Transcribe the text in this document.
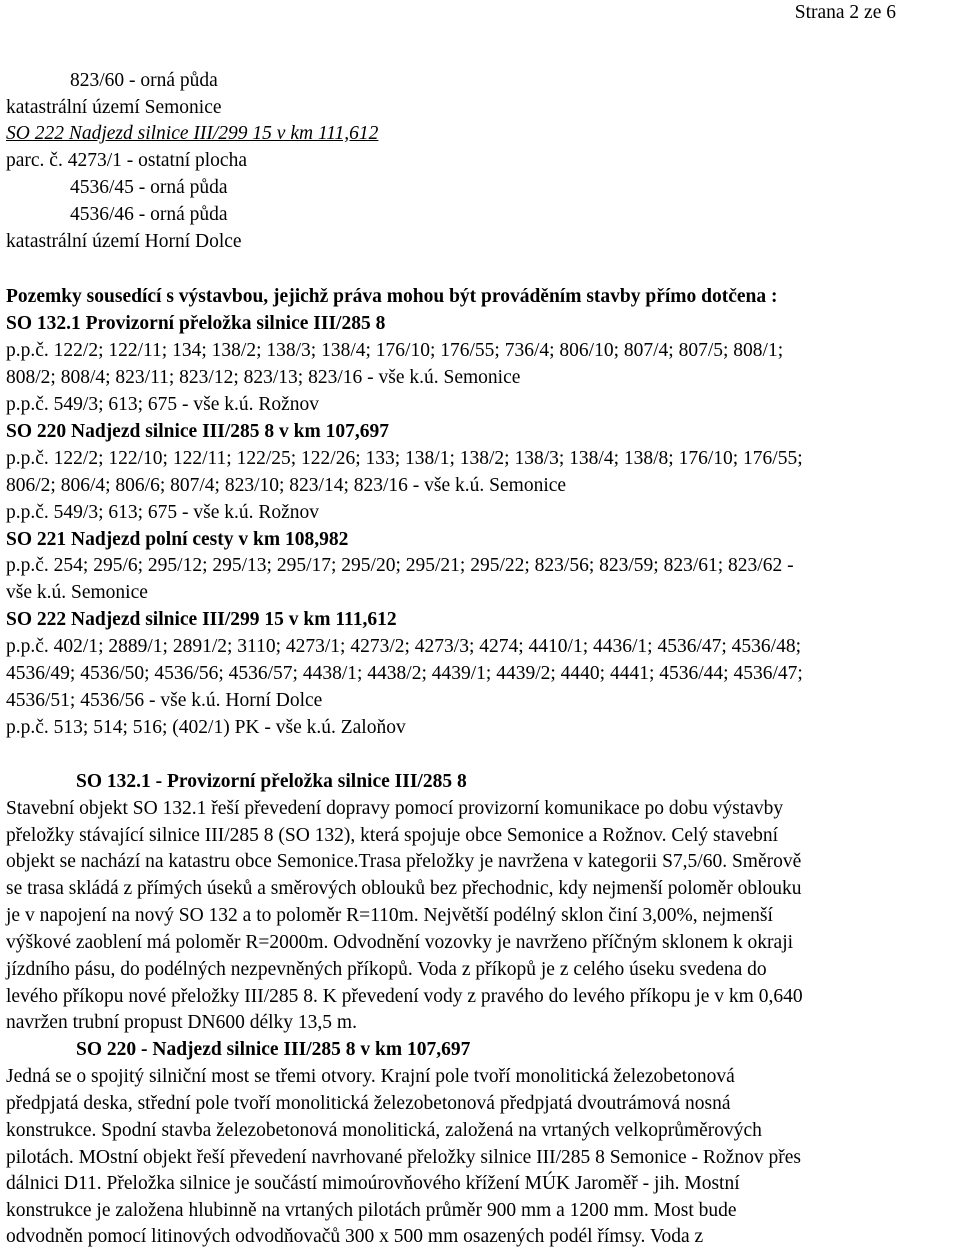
Strana 2 ze 6
823/60 - orná půda
katastrální území Semonice
SO 222 Nadjezd silnice III/299 15 v km 111,612
parc. č. 4273/1 - ostatní plocha
4536/45 - orná půda
4536/46 - orná půda
katastrální území Horní Dolce
Pozemky sousedící s výstavbou, jejichž práva mohou být prováděním stavby přímo dotčena :
SO 132.1 Provizorní přeložka silnice III/285 8
p.p.č. 122/2; 122/11; 134; 138/2; 138/3; 138/4; 176/10; 176/55; 736/4; 806/10; 807/4; 807/5; 808/1;
808/2; 808/4; 823/11; 823/12; 823/13; 823/16 - vše k.ú. Semonice
p.p.č. 549/3; 613; 675 - vše k.ú. Rožnov
SO 220 Nadjezd silnice III/285 8 v km 107,697
p.p.č. 122/2; 122/10; 122/11; 122/25; 122/26; 133; 138/1; 138/2; 138/3; 138/4; 138/8; 176/10; 176/55;
806/2; 806/4; 806/6; 807/4; 823/10; 823/14; 823/16 - vše k.ú. Semonice
p.p.č. 549/3; 613; 675 - vše k.ú. Rožnov
SO 221 Nadjezd polní cesty v km 108,982
p.p.č. 254; 295/6; 295/12; 295/13; 295/17; 295/20; 295/21; 295/22; 823/56; 823/59; 823/61; 823/62 -
vše k.ú. Semonice
SO 222 Nadjezd silnice III/299 15 v km 111,612
p.p.č. 402/1; 2889/1; 2891/2; 3110; 4273/1; 4273/2; 4273/3; 4274; 4410/1; 4436/1; 4536/47; 4536/48;
4536/49; 4536/50; 4536/56; 4536/57; 4438/1; 4438/2; 4439/1; 4439/2; 4440; 4441; 4536/44; 4536/47;
4536/51; 4536/56 - vše k.ú. Horní Dolce
p.p.č. 513; 514; 516; (402/1) PK - vše k.ú. Zaloňov
SO 132.1 - Provizorní přeložka silnice III/285 8
Stavební objekt SO 132.1 řeší převedení dopravy pomocí provizorní komunikace po dobu výstavby
přeložky stávající silnice III/285 8 (SO 132), která spojuje obce Semonice a Rožnov. Celý stavební
objekt se nachází na katastru obce Semonice.Trasa přeložky je navržena v kategorii S7,5/60. Směrově
se trasa skládá z přímých úseků a směrových oblouků bez přechodnic, kdy nejmenší poloměr oblouku
je v napojení na nový SO 132 a to poloměr R=110m. Největší podélný sklon činí 3,00%, nejmenší
výškové zaoblení má poloměr R=2000m. Odvodnění vozovky je navrženo příčným sklonem k okraji
jízdního pásu, do podélných nezpevněných příkopů. Voda z příkopů je z celého úseku svedena do
levého příkopu nové přeložky III/285 8. K převedení vody z pravého do levého příkopu je v km 0,640
navržen trubní propust DN600 délky 13,5 m.
SO 220 - Nadjezd silnice III/285 8 v km 107,697
Jedná se o spojitý silniční most se třemi otvory. Krajní pole tvoří monolitická železobetonová
předpjatá deska, střední pole tvoří monolitická železobetonová předpjatá dvoutrámová nosná
konstrukce. Spodní stavba železobetonová monolitická, založená na vrtaných velkoprůměrových
pilotách. MOstní objekt řeší převedení navrhované přeložky silnice III/285 8 Semonice - Rožnov přes
dálnici D11. Přeložka silnice je součástí mimoúrovňového křížení MÚK Jaroměř - jih. Mostní
konstrukce je založena hlubinně na vrtaných pilotách průměr 900 mm a 1200 mm. Most bude
odvodněn pomocí litinových odvodňovačů 300 x 500 mm osazených podél římsy. Voda z
